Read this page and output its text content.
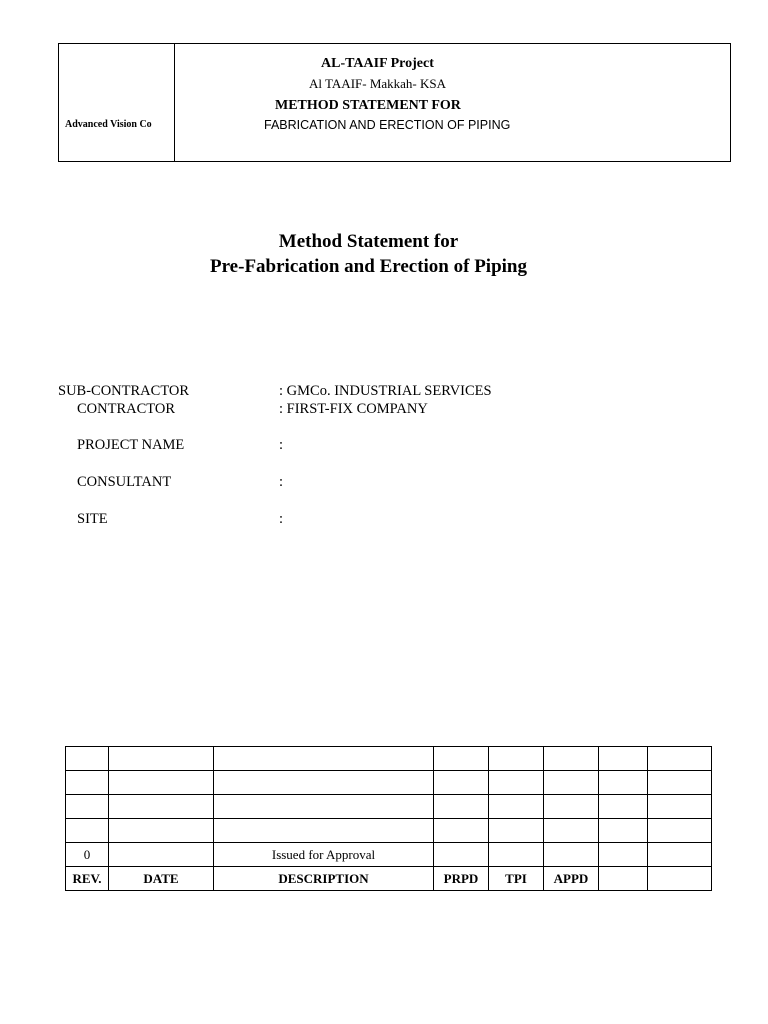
Advanced Vision Co
AL-TAAIF Project
Al TAAIF- Makkah- KSA
METHOD STATEMENT FOR
FABRICATION AND ERECTION OF PIPING
Method Statement for
Pre-Fabrication and Erection of Piping
SUB-CONTRACTOR	: GMCo. INDUSTRIAL SERVICES
CONTRACTOR	: FIRST-FIX COMPANY
PROJECT NAME	:
CONSULTANT	:
SITE	:

0		Issued for Approval					
REV.	DATE	DESCRIPTION	PRPD	TPI	APPD		
